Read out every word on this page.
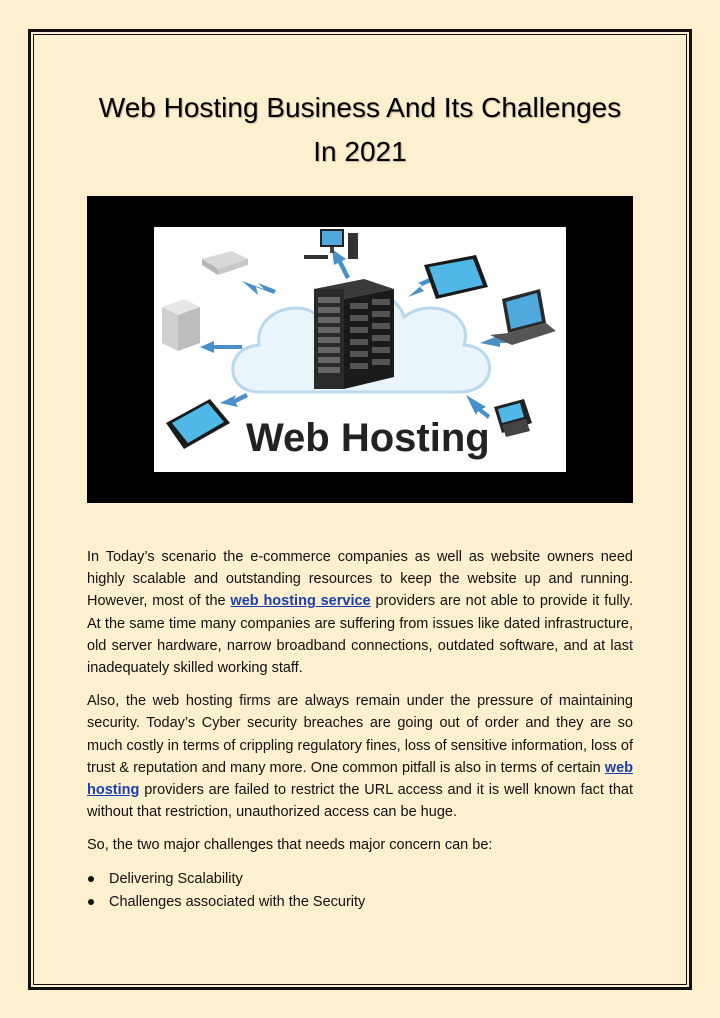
Web Hosting Business And Its Challenges
In 2021
Web Hosting

In Today’s scenario the e-commerce companies as well as website owners need highly scalable and outstanding resources to keep the website up and running. However, most of the web hosting service providers are not able to provide it fully. At the same time many companies are suffering from issues like dated infrastructure, old server hardware, narrow broadband connections, outdated software, and at last inadequately skilled working staff.

Also, the web hosting firms are always remain under the pressure of maintaining security. Today’s Cyber security breaches are going out of order and they are so much costly in terms of crippling regulatory fines, loss of sensitive information, loss of trust & reputation and many more. One common pitfall is also in terms of certain web hosting providers are failed to restrict the URL access and it is well known fact that without that restriction, unauthorized access can be huge.

So, the two major challenges that needs major concern can be:

Delivering Scalability
Challenges associated with the Security
